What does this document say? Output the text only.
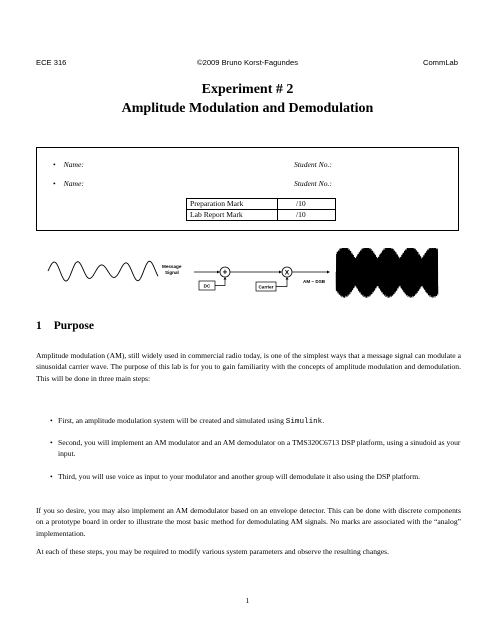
ECE 316	©2009 Bruno Korst-Fagundes	CommLab
Experiment # 2
Amplitude Modulation and Demodulation
• Name:	Student No.:
• Name:	Student No.:
Preparation Mark	/10
Lab Report Mark	/10
Message
Signal	+
DC
X
Carrier
AM − DSB
1 Purpose
Amplitude modulation (AM), still widely used in commercial radio today, is one of the simplest ways that a message signal can modulate a sinusoidal carrier wave. The purpose of this lab is for you to gain familiarity with the concepts of amplitude modulation and demodulation. This will be done in three main steps:
• First, an amplitude modulation system will be created and simulated using Simulink.
• Second, you will implement an AM modulator and an AM demodulator on a TMS320C6713 DSP platform, using a sinudoid as your input.
• Third, you will use voice as input to your modulator and another group will demodulate it also using the DSP platform.
If you so desire, you may also implement an AM demodulator based on an envelope detector. This can be done with discrete components on a prototype board in order to illustrate the most basic method for demodulating AM signals. No marks are associated with the “analog” implementation.
At each of these steps, you may be required to modify various system parameters and observe the resulting changes.
1
